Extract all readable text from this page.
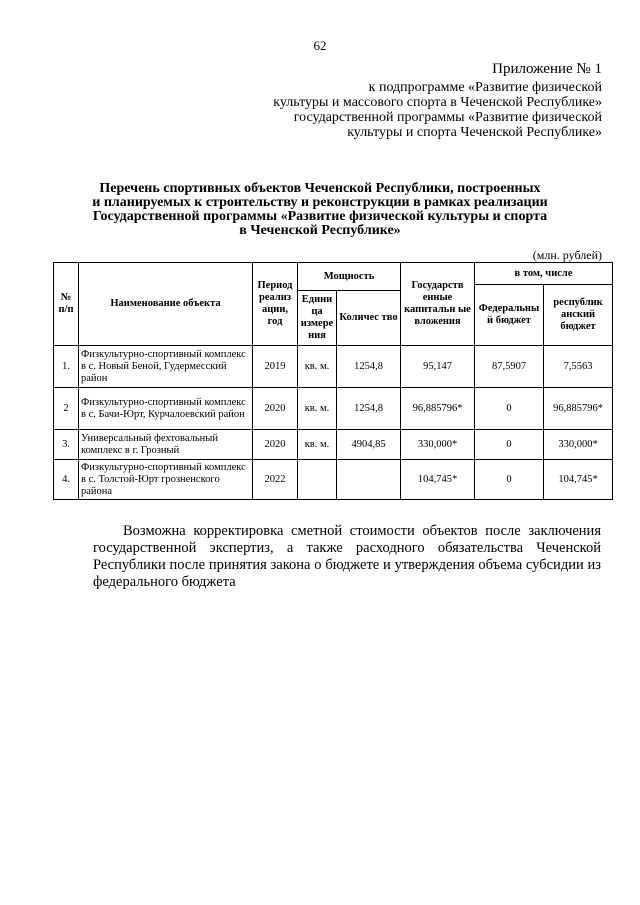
62
Приложение № 1
к подпрограмме «Развитие физической
культуры и массового спорта в Чеченской Республике»
государственной программы «Развитие физической
культуры и спорта Чеченской Республике»
Перечень спортивных объектов Чеченской Республики, построенных
и планируемых к строительству и реконструкции в рамках реализации
Государственной программы «Развитие физической культуры и спорта
в Чеченской Республике»
(млн. рублей)
№ п/п	Наименование объекта	Период реализ ации, год	Мощность		Государств енные капитальн ые вложения	в том, числе	
						Федеральны й бюджет	республик анский бюджет
			Едини ца измере ния	Количес тво			
1.	Физкультурно-спортивный комплекс в с. Новый Беной, Гудермесский район	2019	кв. м.	1254,8	95,147	87,5907	7,5563
2	Физкультурно-спортивный комплекс в с. Бачи-Юрт, Курчалоевский район	2020	кв. м.	1254,8	96,885796*	0	96,885796*
3.	Универсальный фехтовальный комплекс в г. Грозный	2020	кв. м.	4904,85	330,000*	0	330,000*
4.	Физкультурно-спортивный комплекс в с. Толстой-Юрт грозненского района	2022			104,745*	0	104,745*
Возможна корректировка сметной стоимости объектов после заключения государственной экспертиз, а также расходного обязательства Чеченской Республики после принятия закона о бюджете и утверждения объема субсидии из федерального бюджета
